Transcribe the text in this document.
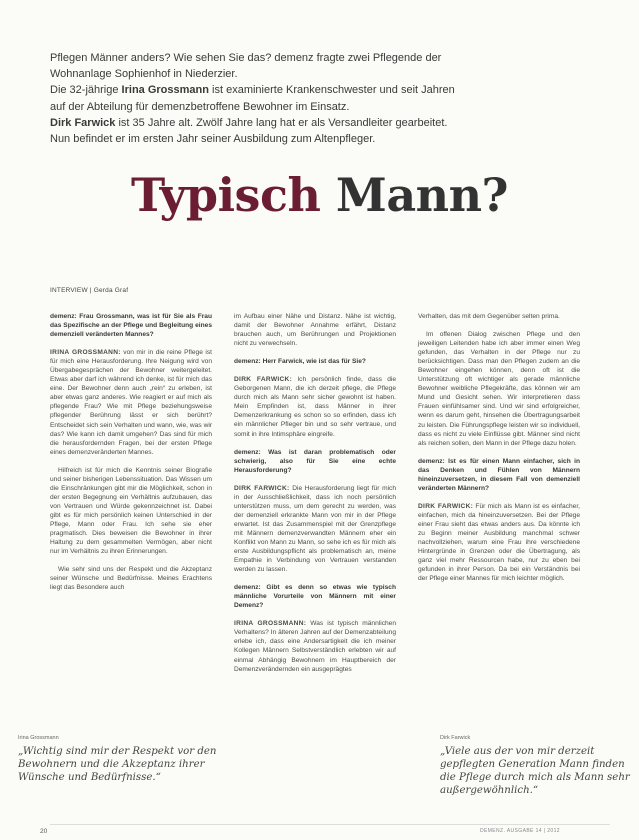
Pflegen Männer anders? Wie sehen Sie das? demenz fragte zwei Pflegende der

Wohnanlage Sophienhof in Niederzier.

Die 32-jährige Irina Grossmann ist examinierte Krankenschwester und seit Jahren

auf der Abteilung für demenzbetroffene Bewohner im Einsatz.

Dirk Farwick ist 35 Jahre alt. Zwölf Jahre lang hat er als Versandleiter gearbeitet.

Nun befindet er im ersten Jahr seiner Ausbildung zum Altenpfleger.

Typisch Mann?
INTERVIEW | Gerda Graf

demenz: Frau Grossmann, was ist für Sie als Frau das Spezifische an der Pflege und Begleitung eines demenziell veränderten Mannes?

IRINA GROSSMANN: von mir in die reine Pflege ist für mich eine Herausforderung. Ihre Neigung wird von Übergabegesprächen der Bewohner weitergeleitet. Etwas aber darf ich während ich denke, ist für mich das eine. Der Bewohner denn auch „rein“ zu erleben, ist aber etwas ganz anderes. Wie reagiert er auf mich als pflegende Frau? Wie mit Pflege beziehungsweise pflegender Berührung lässt er sich berührt? Entscheidet sich sein Verhalten und wann, wie, was wir das? Wie kann ich damit umgehen? Das sind für mich die herausfordernden Fragen, bei der ersten Pflege eines demenzveränderten Mannes.

Hilfreich ist für mich die Kenntnis seiner Biografie und seiner bisherigen Lebenssituation. Das Wissen um die Einschränkungen gibt mir die Möglichkeit, schon in der ersten Begegnung ein Verhältnis aufzubauen, das von Vertrauen und Würde gekennzeichnet ist. Dabei gibt es für mich persönlich keinen Unterschied in der Pflege, Mann oder Frau. Ich sehe sie eher pragmatisch. Dies beweisen die Bewohner in ihrer Haltung zu dem gesammelten Vermögen, aber nicht nur im Verhältnis zu ihren Erinnerungen.

Wie sehr sind uns der Respekt und die Akzeptanz seiner Wünsche und Bedürfnisse. Meines Erachtens liegt das Besondere auch

im Aufbau einer Nähe und Distanz. Nähe ist wichtig, damit der Bewohner Annahme erfährt, Distanz brauchen auch, um Berührungen und Projektionen nicht zu verwechseln.

demenz: Herr Farwick, wie ist das für Sie?

DIRK FARWICK: Ich persönlich finde, dass die Geborgenen Mann, die ich derzeit pflege, die Pflege durch mich als Mann sehr sicher gewohnt ist haben. Mein Empfinden ist, dass Männer in ihrer Demenzerkrankung es schon so so erfinden, dass ich ein männlicher Pfleger bin und so sehr vertraue, und somit in ihre Intimsphäre eingreife.

demenz: Was ist daran problematisch oder schwierig, also für Sie eine echte Herausforderung?

DIRK FARWICK: Die Herausforderung liegt für mich in der Ausschließlichkeit, dass ich noch persönlich unterstützen muss, um dem gerecht zu werden, was der demenziell erkrankte Mann von mir in der Pflege erwartet. Ist das Zusammenspiel mit der Grenzpflege mit Männern demenzverwandten Männern eher ein Konflikt von Mann zu Mann, so sehe ich es für mich als erste Ausbildungspflicht als problematisch an, meine Empathie in Verbindung von Vertrauen verstanden werden zu lassen.

demenz: Gibt es denn so etwas wie typisch männliche Vorurteile von Männern mit einer Demenz?

IRINA GROSSMANN: Was ist typisch männlichen Verhaltens? In älteren Jahren auf der Demenzabteilung erlebe ich, dass eine Andersartigkeit die ich meiner Kollegen Männern Selbstverständlich erlebten wir auf einmal Abhängig Bewohnern im Hauptbereich der Demenzverändernden ein ausgeprägtes

Verhalten, das mit dem Gegenüber selten prima.

Im offenen Dialog zwischen Pflege und den jeweiligen Leitenden habe ich aber immer einen Weg gefunden, das Verhalten in der Pflege nur zu berücksichtigen. Dass man den Pflegen zudem an die Bewohner eingehen können, denn oft ist die Unterstützung oft wichtiger als gerade männliche Bewohner weibliche Pflegekräfte, das können wir am Mund und Gesicht sehen. Wir interpretieren dass Frauen einfühlsamer sind. Und wir sind erfolgreicher, wenn es darum geht, hinsehen die Übertragungsarbeit zu leisten. Die Führungspflege leisten wir so individuell, dass es nicht zu viele Einflüsse gibt. Männer sind nicht als reichen sollen, den Mann in der Pflege dazu holen.

demenz: Ist es für einen Mann einfacher, sich in das Denken und Fühlen von Männern hineinzuversetzen, in diesem Fall von demenziell veränderten Männern?

DIRK FARWICK: Für mich als Mann ist es einfacher, einfachen, mich da hineinzuversetzen. Bei der Pflege einer Frau sieht das etwas anders aus. Da könnte ich zu Beginn meiner Ausbildung manchmal schwer nachvollziehen, warum eine Frau ihre verschiedene Hintergründe in Grenzen oder die Übertragung, als ganz viel mehr Ressourcen habe, nur zu eben bei gefunden in ihrer Person. Da bei ein Verständnis bei der Pflege einer Mannes für mich leichter möglich.

Irina Grossmann
„Wichtig sind mir der Respekt vor den Bewohnern und die Akzeptanz ihrer Wünsche und Bedürfnisse.“
Dirk Farwick
„Viele aus der von mir derzeit gepflegten Generation Mann finden die Pflege durch mich als Mann sehr außergewöhnlich.“
20	DEMENZ. AUSGABE 14 | 2012
